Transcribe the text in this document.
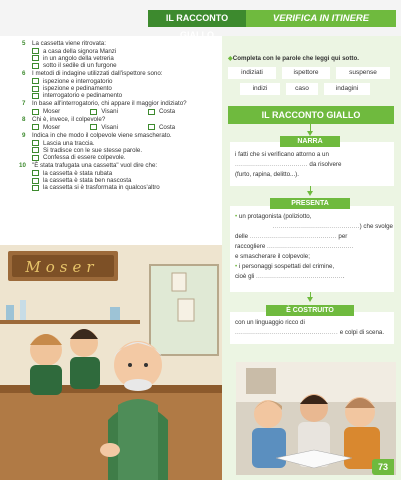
IL RACCONTO GIALLO
VERIFICA IN ITINERE
5 La cassetta viene ritrovata:
a casa della signora Manzi
in un angolo della vetreria
sotto il sedile di un furgone
6 I metodi di indagine utilizzati dall'ispettore sono:
ispezione e interrogatorio
ispezione e pedinamento
interrogatorio e pedinamento
7 In base all'interrogatorio, chi appare il maggior indiziato?
Moser	Visani	Costa
8 Chi è, invece, il colpevole?
Moser	Visani	Costa
9 Indica in che modo il colpevole viene smascherato.
Lascia una traccia.
Si tradisce con le sue stesse parole.
Confessa di essere colpevole.
10 "È stata trafugata una cassetta" vuol dire che:
la cassetta è stata rubata
la cassetta è stata ben nascosta
la cassetta si è trasformata in qualcos'altro
Moser
◆Completa con le parole che leggi qui sotto.
indiziati	ispettore	suspense
indizi	caso	indagini
IL RACCONTO GIALLO
NARRA
i fatti che si verificano attorno a un
.................................... da risolvere
(furto, rapina, delitto...).
PRESENTA
• un protagonista (poliziotto,
...........................................) che svolge
delle ........................................... per
raccogliere ...........................................
e smascherare il colpevole;
• i personaggi sospettati del crimine,
cioè gli ............................................
È COSTRUITO
con un linguaggio ricco di
................................................... e colpi di scena.
73
